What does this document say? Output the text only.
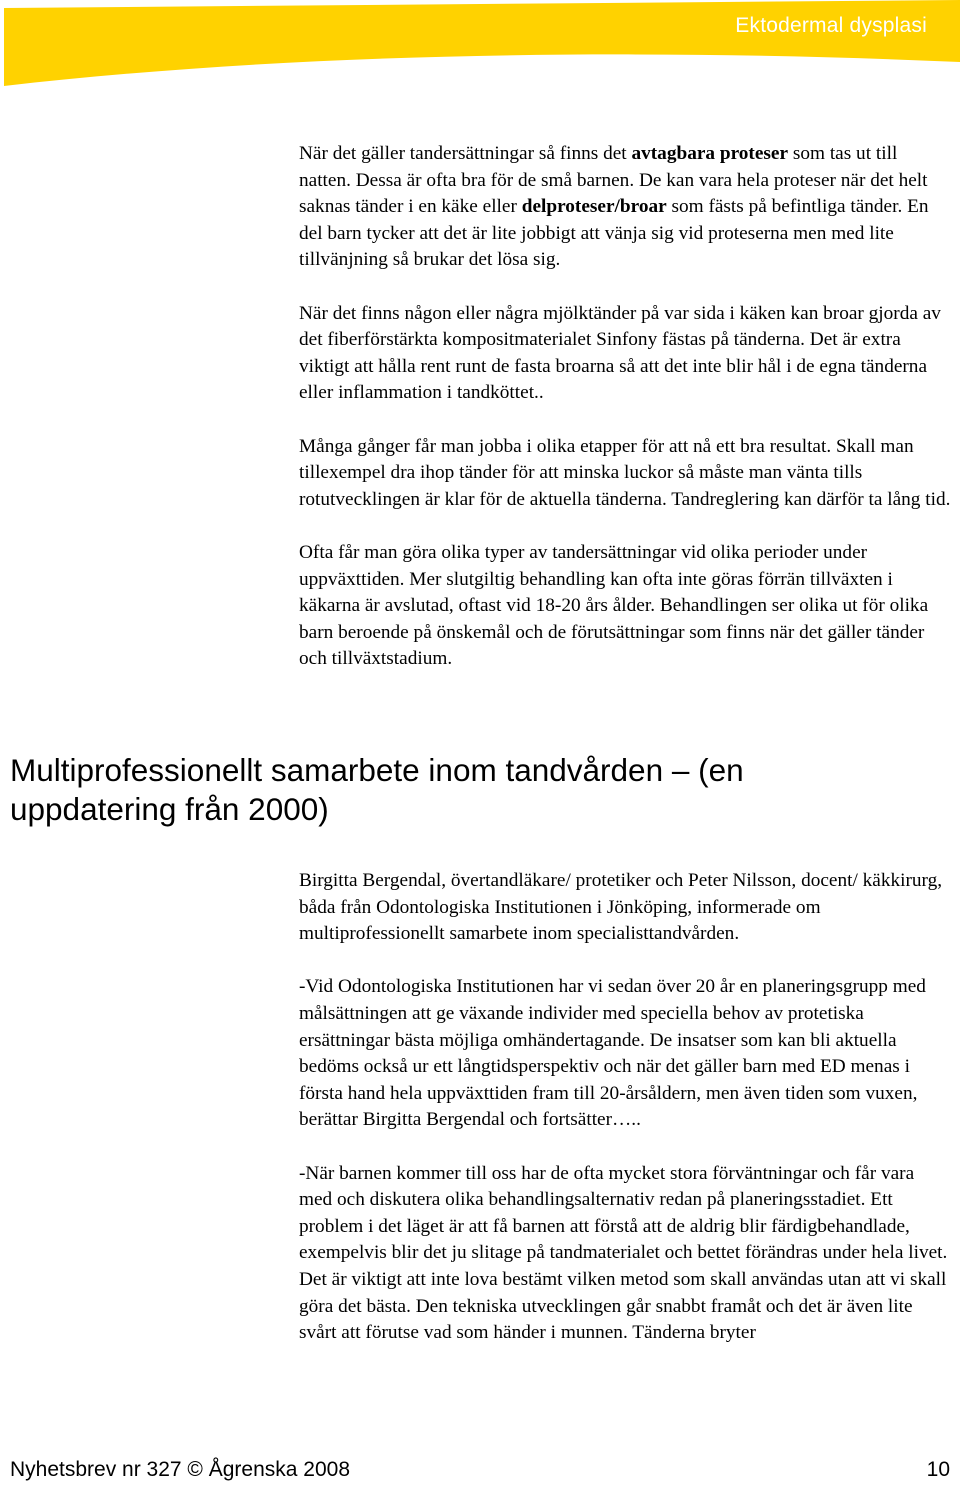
Ektodermal dysplasi

När det gäller tandersättningar så finns det avtagbara proteser som tas ut till natten. Dessa är ofta bra för de små barnen. De kan vara hela proteser när det helt saknas tänder i en käke eller delproteser/broar som fästs på befintliga tänder. En del barn tycker att det är lite jobbigt att vänja sig vid proteserna men med lite tillvänjning så brukar det lösa sig.

När det finns någon eller några mjölktänder på var sida i käken kan broar gjorda av det fiberförstärkta kompositmaterialet Sinfony fästas på tänderna. Det är extra viktigt att hålla rent runt de fasta broarna så att det inte blir hål i de egna tänderna eller inflammation i tandköttet..

Många gånger får man jobba i olika etapper för att nå ett bra resultat. Skall man tillexempel dra ihop tänder för att minska luckor så måste man vänta tills rotutvecklingen är klar för de aktuella tänderna. Tandreglering kan därför ta lång tid.

Ofta får man göra olika typer av tandersättningar vid olika perioder under uppväxttiden. Mer slutgiltig behandling kan ofta inte göras förrän tillväxten i käkarna är avslutad, oftast vid 18-20 års ålder. Behandlingen ser olika ut för olika barn beroende på önskemål och de förutsättningar som finns när det gäller tänder och tillväxtstadium.

Multiprofessionellt samarbete inom tandvården – (en
uppdatering från 2000)

Birgitta Bergendal, övertandläkare/ protetiker och Peter Nilsson, docent/ käkkirurg, båda från Odontologiska Institutionen i Jönköping, informerade om multiprofessionellt samarbete inom specialisttandvården.

-Vid Odontologiska Institutionen har vi sedan över 20 år en planeringsgrupp med målsättningen att ge växande individer med speciella behov av protetiska ersättningar bästa möjliga omhändertagande. De insatser som kan bli aktuella bedöms också ur ett långtidsperspektiv och när det gäller barn med ED menas i första hand hela uppväxttiden fram till 20-årsåldern, men även tiden som vuxen, berättar Birgitta Bergendal och fortsätter…..

-När barnen kommer till oss har de ofta mycket stora förväntningar och får vara med och diskutera olika behandlingsalternativ redan på planeringsstadiet. Ett problem i det läget är att få barnen att förstå att de aldrig blir färdigbehandlade, exempelvis blir det ju slitage på tandmaterialet och bettet förändras under hela livet. Det är viktigt att inte lova bestämt vilken metod som skall användas utan att vi skall göra det bästa. Den tekniska utvecklingen går snabbt framåt och det är även lite svårt att förutse vad som händer i munnen. Tänderna bryter

Nyhetsbrev nr 327 © Ågrenska 2008	10
